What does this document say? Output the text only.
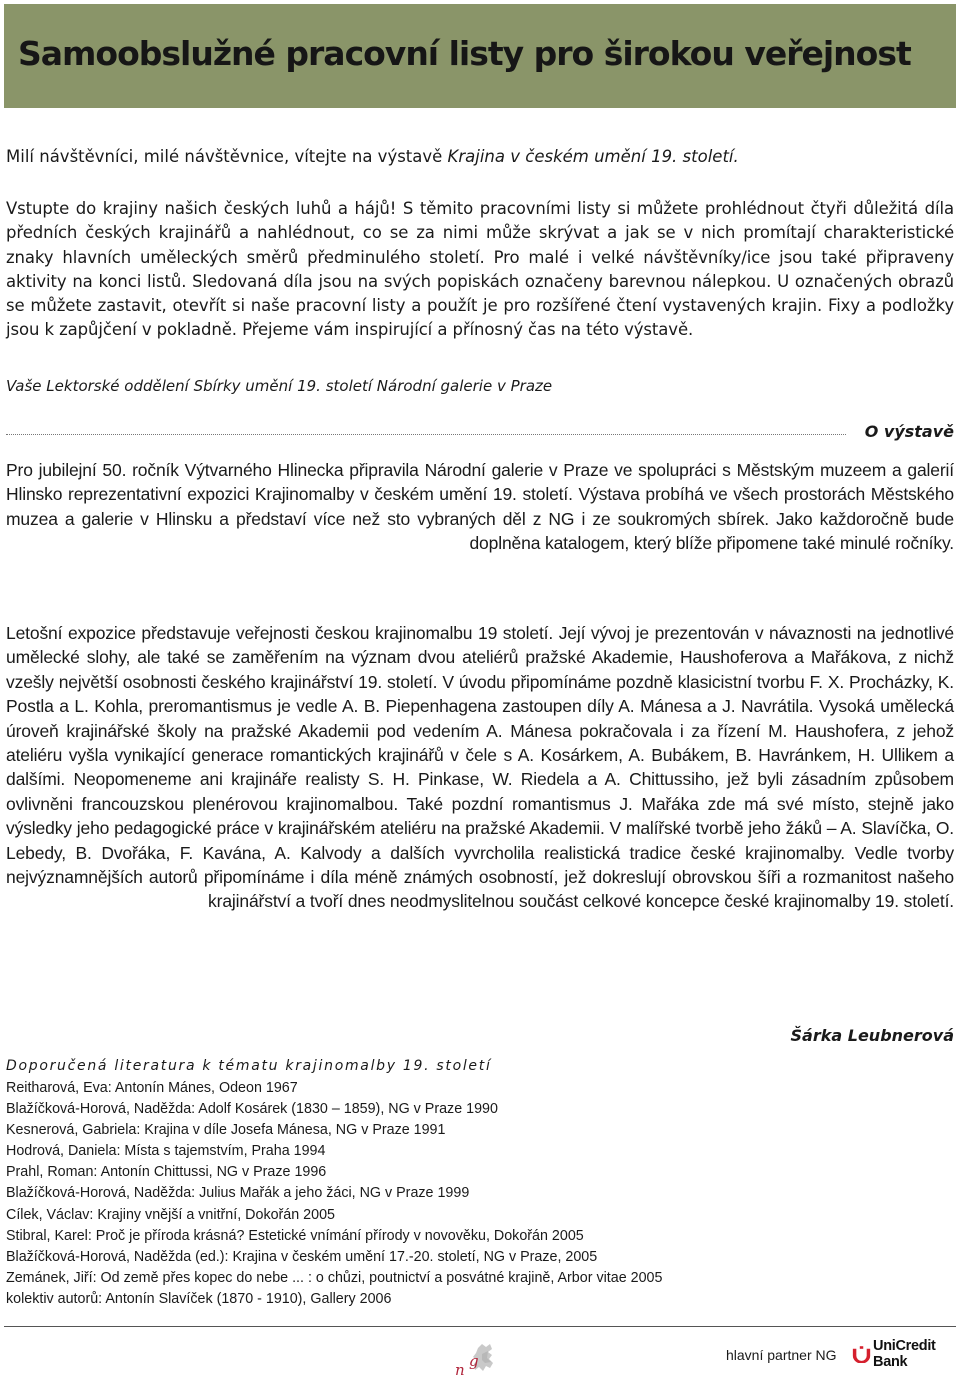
Samoobslužné pracovní listy pro širokou veřejnost

Milí návštěvníci, milé návštěvnice, vítejte na výstavě Krajina v českém umění 19. století.

Vstupte do krajiny našich českých luhů a hájů! S těmito pracovními listy si můžete prohlédnout čtyři důležitá díla předních českých krajinářů a nahlédnout, co se za nimi může skrývat a jak se v nich promítají charakteristické znaky hlavních uměleckých směrů předminulého století. Pro malé i velké návštěvníky/ice jsou také připraveny aktivity na konci listů. Sledovaná díla jsou na svých popiskách označeny barevnou nálepkou. U označených obrazů se můžete zastavit, otevřít si naše pracovní listy a použít je pro rozšířené čtení vystavených krajin. Fixy a podložky jsou k zapůjčení v pokladně. Přejeme vám inspirující a přínosný čas na této výstavě.

Vaše Lektorské oddělení Sbírky umění 19. století Národní galerie v Praze

O výstavě

Pro jubilejní 50. ročník Výtvarného Hlinecka připravila Národní galerie v Praze ve spolupráci s Městským muzeem a galerií Hlinsko reprezentativní expozici Krajinomalby v českém umění 19. století. Výstava probíhá ve všech prostorách Městského muzea a galerie v Hlinsku a představí více než sto vybraných děl z NG i ze soukromých sbírek. Jako každoročně bude doplněna katalogem, který blíže připomene také minulé ročníky.

Letošní expozice představuje veřejnosti českou krajinomalbu 19 století. Její vývoj je prezentován v návaznosti na jednotlivé umělecké slohy, ale také se zaměřením na význam dvou ateliérů pražské Akademie, Haushoferova a Mařákova, z nichž vzešly největší osobnosti českého krajinářství 19. století. V úvodu připomínáme pozdně klasicistní tvorbu F. X. Procházky, K. Postla a L. Kohla, preromantismus je vedle A. B. Piepenhagena zastoupen díly A. Mánesa a J. Navrátila. Vysoká umělecká úroveň krajinářské školy na pražské Akademii pod vedením A. Mánesa pokračovala i za řízení M. Haushofera, z jehož ateliéru vyšla vynikající generace romantických krajinářů v čele s A. Kosárkem, A. Bubákem, B. Havránkem, H. Ullikem a dalšími. Neopomeneme ani krajináře realisty S. H. Pinkase, W. Riedela a A. Chittussiho, jež byli zásadním způsobem ovlivněni francouzskou plenérovou krajinomalbou. Také pozdní romantismus J. Mařáka zde má své místo, stejně jako výsledky jeho pedagogické práce v krajinářském ateliéru na pražské Akademii. V malířské tvorbě jeho žáků – A. Slavíčka, O. Lebedy, B. Dvořáka, F. Kavána, A. Kalvody a dalších vyvrcholila realistická tradice české krajinomalby. Vedle tvorby nejvýznamnějších autorů připomínáme i díla méně známých osobností, jež dokreslují obrovskou šíři a rozmanitost našeho krajinářství a tvoří dnes neodmyslitelnou součást celkové koncepce české krajinomalby 19. století.

Šárka Leubnerová

Doporučená literatura k tématu krajinomalby 19. století

Reitharová, Eva: Antonín Mánes, Odeon 1967
Blažíčková-Horová, Naděžda: Adolf Kosárek (1830 – 1859), NG v Praze 1990
Kesnerová, Gabriela: Krajina v díle Josefa Mánesa, NG v Praze 1991
Hodrová, Daniela: Místa s tajemstvím, Praha 1994
Prahl, Roman: Antonín Chittussi, NG v Praze 1996
Blažíčková-Horová, Naděžda: Julius Mařák a jeho žáci, NG v Praze 1999
Cílek, Václav: Krajiny vnější a vnitřní, Dokořán 2005
Stibral, Karel: Proč je příroda krásná? Estetické vnímání přírody v novověku, Dokořán 2005
Blažíčková-Horová, Naděžda (ed.): Krajina v českém umění 17.-20. století, NG v Praze, 2005
Zemánek, Jiří: Od země přes kopec do nebe ... : o chůzi, poutnictví a posvátné krajině, Arbor vitae 2005
kolektiv autorů: Antonín Slavíček (1870 - 1910), Gallery 2006
n g	hlavní partner NG

UniCredit Bank
